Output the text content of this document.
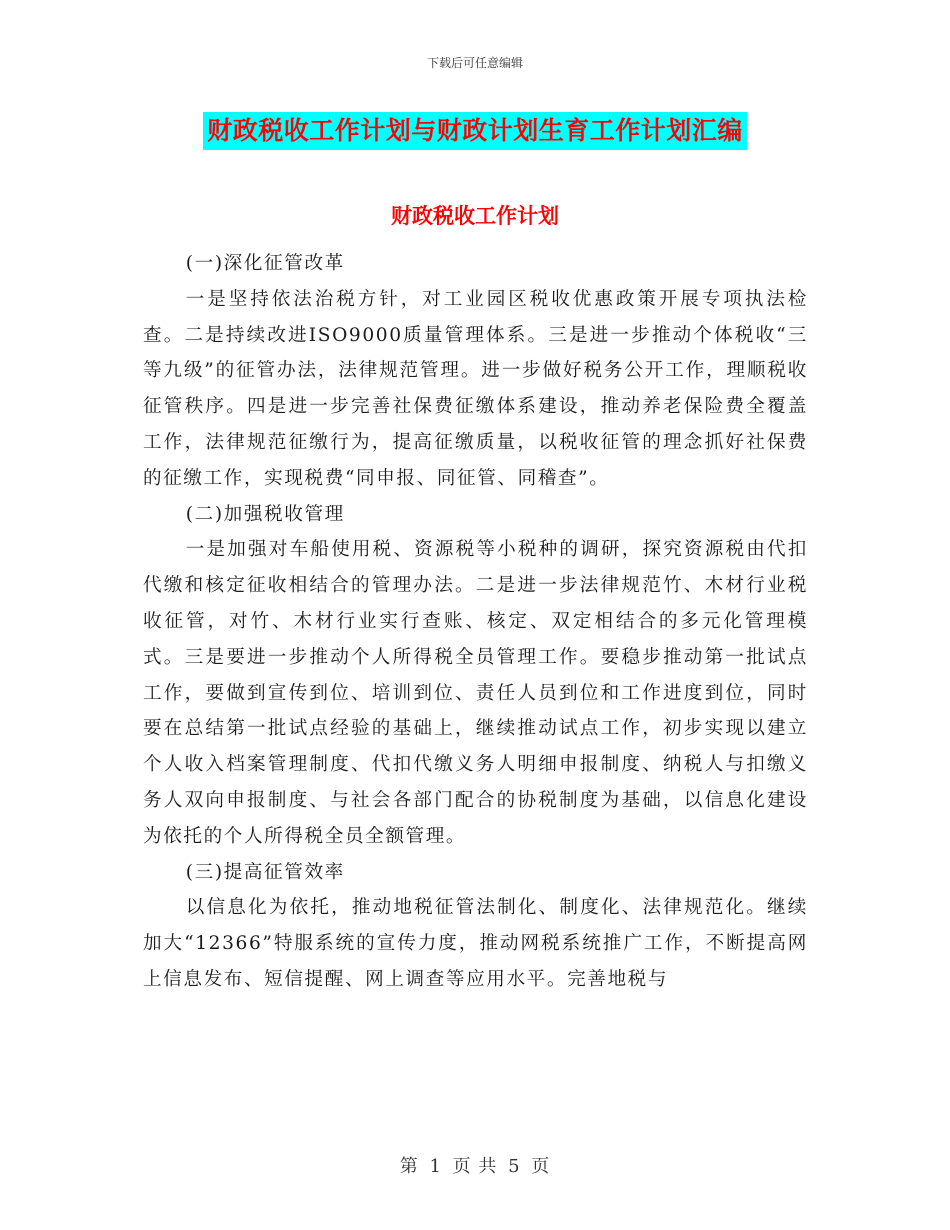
下载后可任意编辑
财政税收工作计划与财政计划生育工作计划汇编
财政税收工作计划

(一)深化征管改革

一是坚持依法治税方针，对工业园区税收优惠政策开展专项执法检查。二是持续改进ISO9000质量管理体系。三是进一步推动个体税收“三等九级”的征管办法，法律规范管理。进一步做好税务公开工作，理顺税收征管秩序。四是进一步完善社保费征缴体系建设，推动养老保险费全覆盖工作，法律规范征缴行为，提高征缴质量，以税收征管的理念抓好社保费的征缴工作，实现税费“同申报、同征管、同稽查”。

(二)加强税收管理

一是加强对车船使用税、资源税等小税种的调研，探究资源税由代扣代缴和核定征收相结合的管理办法。二是进一步法律规范竹、木材行业税收征管，对竹、木材行业实行查账、核定、双定相结合的多元化管理模式。三是要进一步推动个人所得税全员管理工作。要稳步推动第一批试点工作，要做到宣传到位、培训到位、责任人员到位和工作进度到位，同时要在总结第一批试点经验的基础上，继续推动试点工作，初步实现以建立个人收入档案管理制度、代扣代缴义务人明细申报制度、纳税人与扣缴义务人双向申报制度、与社会各部门配合的协税制度为基础，以信息化建设为依托的个人所得税全员全额管理。

(三)提高征管效率

以信息化为依托，推动地税征管法制化、制度化、法律规范化。继续加大“12366”特服系统的宣传力度，推动网税系统推广工作，不断提高网上信息发布、短信提醒、网上调查等应用水平。完善地税与

第 1 页 共 5 页
